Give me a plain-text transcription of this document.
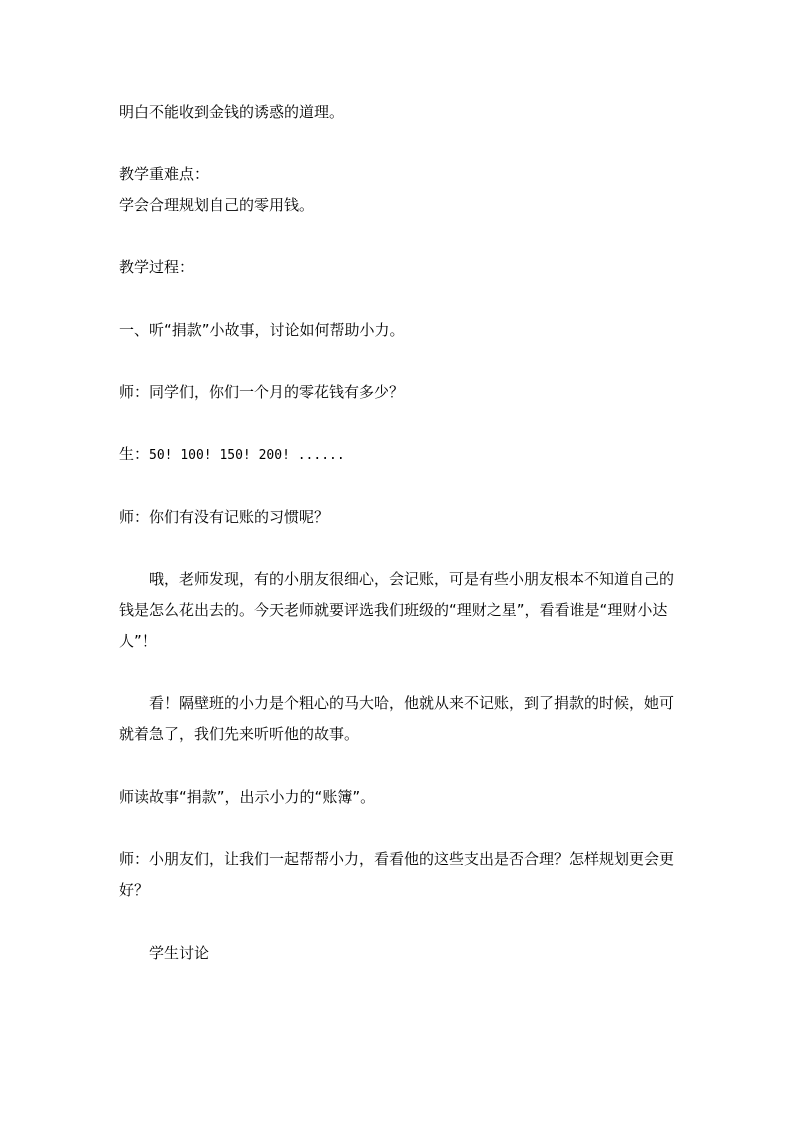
明白不能收到金钱的诱惑的道理。

教学重难点：

学会合理规划自己的零用钱。

教学过程：

一、听“捐款”小故事，讨论如何帮助小力。

师：同学们，你们一个月的零花钱有多少？

生：50! 100! 150! 200! ......

师：你们有没有记账的习惯呢？

哦，老师发现，有的小朋友很细心，会记账，可是有些小朋友根本不知道自己的钱是怎么花出去的。今天老师就要评选我们班级的“理财之星”，看看谁是“理财小达人”！

看！隔壁班的小力是个粗心的马大哈，他就从来不记账，到了捐款的时候，她可就着急了，我们先来听听他的故事。

师读故事“捐款”，出示小力的“账簿”。

师：小朋友们，让我们一起帮帮小力，看看他的这些支出是否合理？怎样规划更会更好？

学生讨论
